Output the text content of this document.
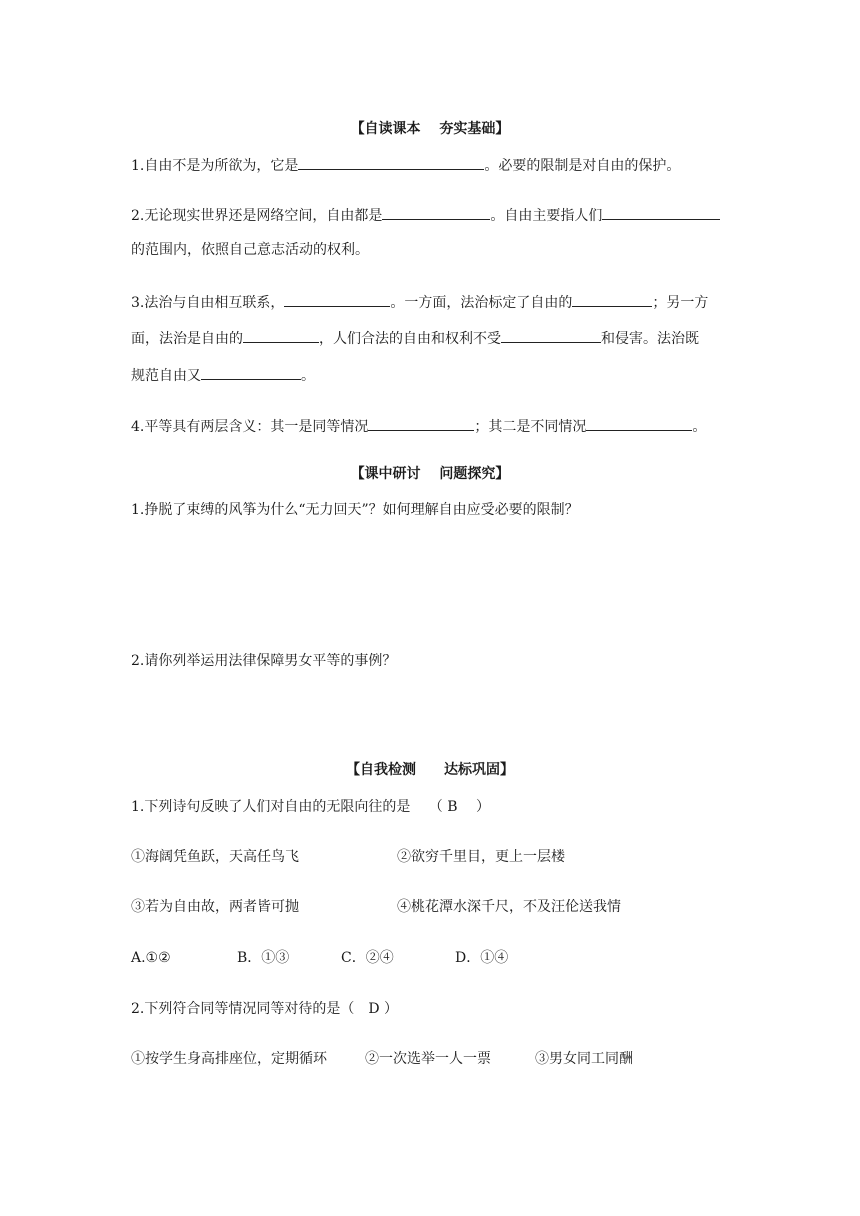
【自读课本　 夯实基础】
1.自由不是为所欲为，它是	。必要的限制是对自由的保护。
2.无论现实世界还是网络空间，自由都是	。自由主要指人们
的范围内，依照自己意志活动的权利。
3.法治与自由相互联系，	。一方面，法治标定了自由的	；另一方
面，法治是自由的	，人们合法的自由和权利不受	和侵害。法治既
规范自由又	。
4.平等具有两层含义：其一是同等情况	；其二是不同情况	。
【课中研讨　 问题探究】
1.挣脱了束缚的风筝为什么“无力回天”？如何理解自由应受必要的限制？
2.请你列举运用法律保障男女平等的事例？
【自我检测　　达标巩固】
1.下列诗句反映了人们对自由的无限向往的是　 （ B　 ）
①海阔凭鱼跃，天高任鸟飞	②欲穷千里目，更上一层楼
③若为自由故，两者皆可抛	④桃花潭水深千尺，不及汪伦送我情
A.①②	B．①③	C．②④	D．①④
2.下列符合同等情况同等对待的是（　D ）
①按学生身高排座位，定期循环	②一次选举一人一票	③男女同工同酬
